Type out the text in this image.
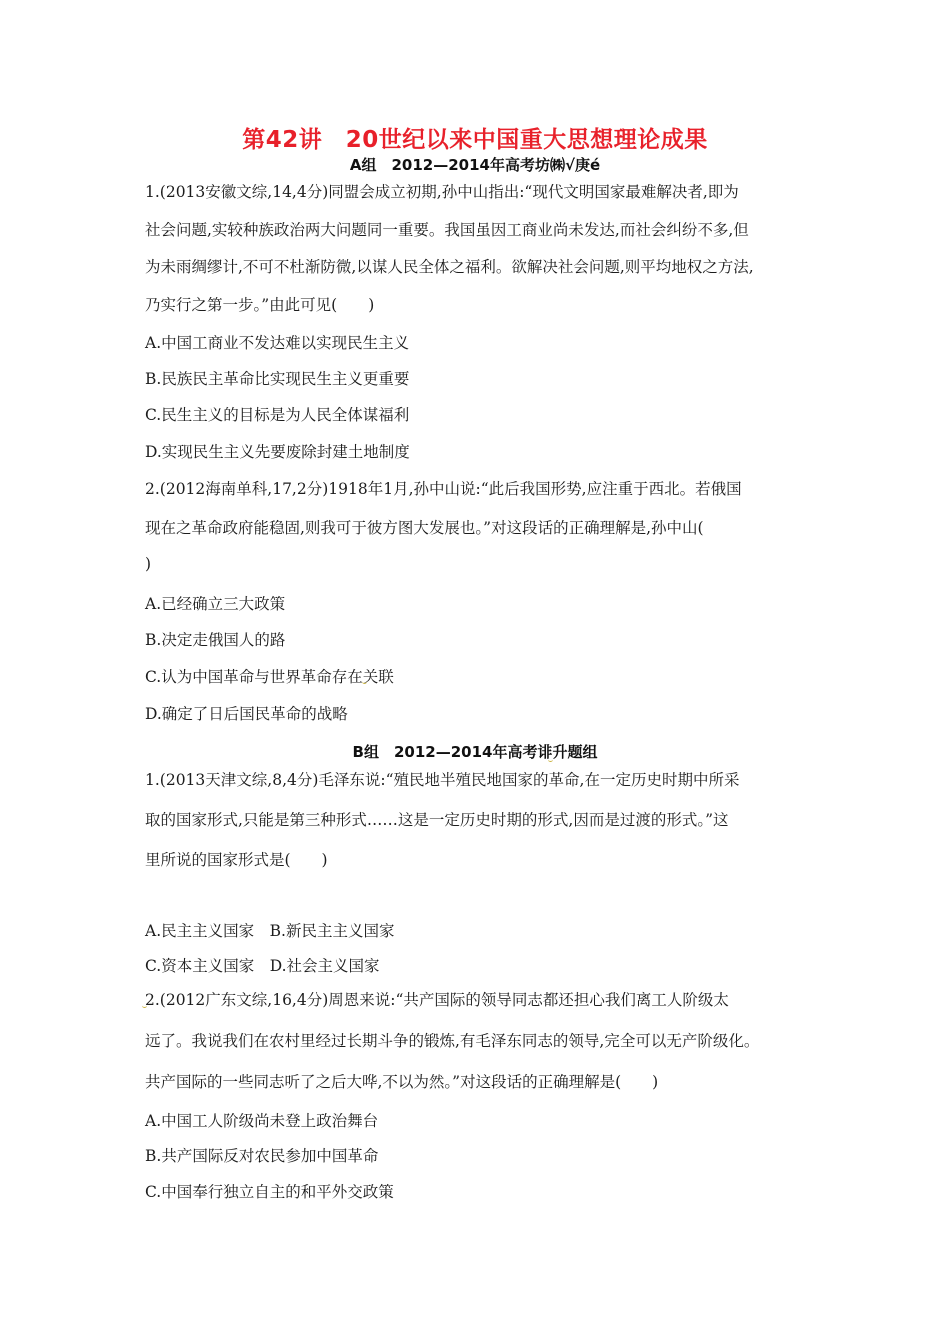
第42讲　20世纪以来中国重大思想理论成果
A组　2012—2014年高考坊㈱√庚é
1.(2013安徽文综,14,4分)同盟会成立初期,孙中山指出:“现代文明国家最难解决者,即为
社会问题,实较种族政治两大问题同一重要。我国虽因工商业尚未发达,而社会纠纷不多,但
为未雨绸缪计,不可不杜渐防微,以谋人民全体之福利。欲解决社会问题,则平均地权之方法,
乃实行之第一步。”由此可见(　　)
A.中国工商业不发达难以实现民生主义
B.民族民主革命比实现民生主义更重要
C.民生主义的目标是为人民全体谋福利
D.实现民生主义先要废除封建土地制度
2.(2012海南单科,17,2分)1918年1月,孙中山说:“此后我国形势,应注重于西北。若俄国
现在之革命政府能稳固,则我可于彼方图大发展也。”对这段话的正确理解是,孙中山(
)
A.已经确立三大政策
B.决定走俄国人的路
C.认为中国革命与世界革命存在关联
D.确定了日后国民革命的战略
B组　2012—2014年高考诽升题组
1.(2013天津文综,8,4分)毛泽东说:“殖民地半殖民地国家的革命,在一定历史时期中所采
取的国家形式,只能是第三种形式……这是一定历史时期的形式,因而是过渡的形式。”这
里所说的国家形式是(　　)
A.民主主义国家　B.新民主主义国家
C.资本主义国家　D.社会主义国家
2.(2012广东文综,16,4分)周恩来说:“共产国际的领导同志都还担心我们离工人阶级太
远了。我说我们在农村里经过长期斗争的锻炼,有毛泽东同志的领导,完全可以无产阶级化。
共产国际的一些同志听了之后大哗,不以为然。”对这段话的正确理解是(　　)
A.中国工人阶级尚未登上政治舞台
B.共产国际反对农民参加中国革命
C.中国奉行独立自主的和平外交政策
